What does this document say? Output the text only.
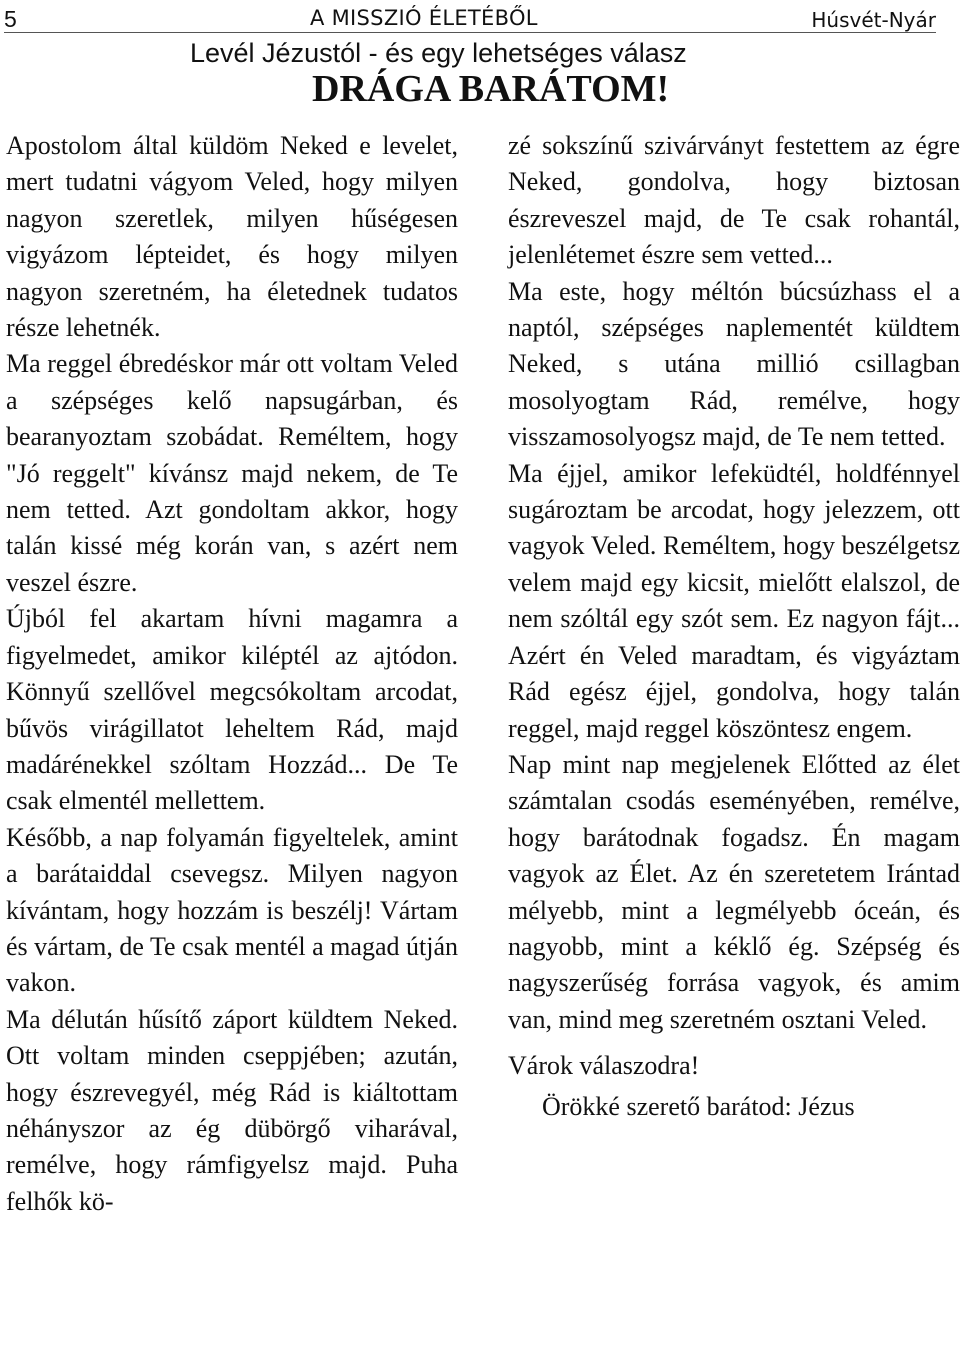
5	A MISSZIÓ ÉLETÉBŐL	Húsvét-Nyár
Levél Jézustól - és egy lehetséges válasz
DRÁGA BARÁTOM!

Apostolom által küldöm Neked e levelet, mert tudatni vágyom Veled, hogy milyen nagyon szeretlek, milyen hűségesen vigyázom lépteidet, és hogy milyen nagyon szeretném, ha életednek tudatos része lehetnék.

Ma reggel ébredéskor már ott voltam Veled a szépséges kelő napsugárban, és bearanyoztam szobádat. Reméltem, hogy "Jó reggelt" kívánsz majd nekem, de Te nem tetted. Azt gondoltam akkor, hogy talán kissé még korán van, s azért nem veszel észre.

Újból fel akartam hívni magamra a figyelmedet, amikor kiléptél az ajtódon. Könnyű szellővel megcsókoltam arcodat, bűvös virágillatot leheltem Rád, majd madárénekkel szóltam Hozzád... De Te csak elmentél mellettem.

Később, a nap folyamán figyeltelek, amint a barátaiddal csevegsz. Milyen nagyon kívántam, hogy hozzám is beszélj! Vártam és vártam, de Te csak mentél a magad útján vakon.

Ma délután hűsítő záport küldtem Neked. Ott voltam minden cseppjében; azután, hogy észrevegyél, még Rád is kiáltottam néhányszor az ég dübörgő viharával, remélve, hogy rámfigyelsz majd. Puha felhők kö-

zé sokszínű szivárványt festettem az égre Neked, gondolva, hogy biztosan észreveszel majd, de Te csak rohantál, jelenlétemet észre sem vetted...

Ma este, hogy méltón búcsúzhass el a naptól, szépséges naplementét küldtem Neked, s utána millió csillagban mosolyogtam Rád, remélve, hogy visszamosolyogsz majd, de Te nem tetted.

Ma éjjel, amikor lefeküdtél, holdfénnyel sugároztam be arcodat, hogy jelezzem, ott vagyok Veled. Reméltem, hogy beszélgetsz velem majd egy kicsit, mielőtt elalszol, de nem szóltál egy szót sem. Ez nagyon fájt... Azért én Veled maradtam, és vigyáztam Rád egész éjjel, gondolva, hogy talán reggel, majd reggel köszöntesz engem.

Nap mint nap megjelenek Előtted az élet számtalan csodás eseményében, remélve, hogy barátodnak fogadsz. Én magam vagyok az Élet. Az én szeretetem Irántad mélyebb, mint a legmélyebb óceán, és nagyobb, mint a kéklő ég. Szépség és nagyszerűség forrása vagyok, és amim van, mind meg szeretném osztani Veled.

Várok válaszodra!

Örökké szerető barátod: Jézus
